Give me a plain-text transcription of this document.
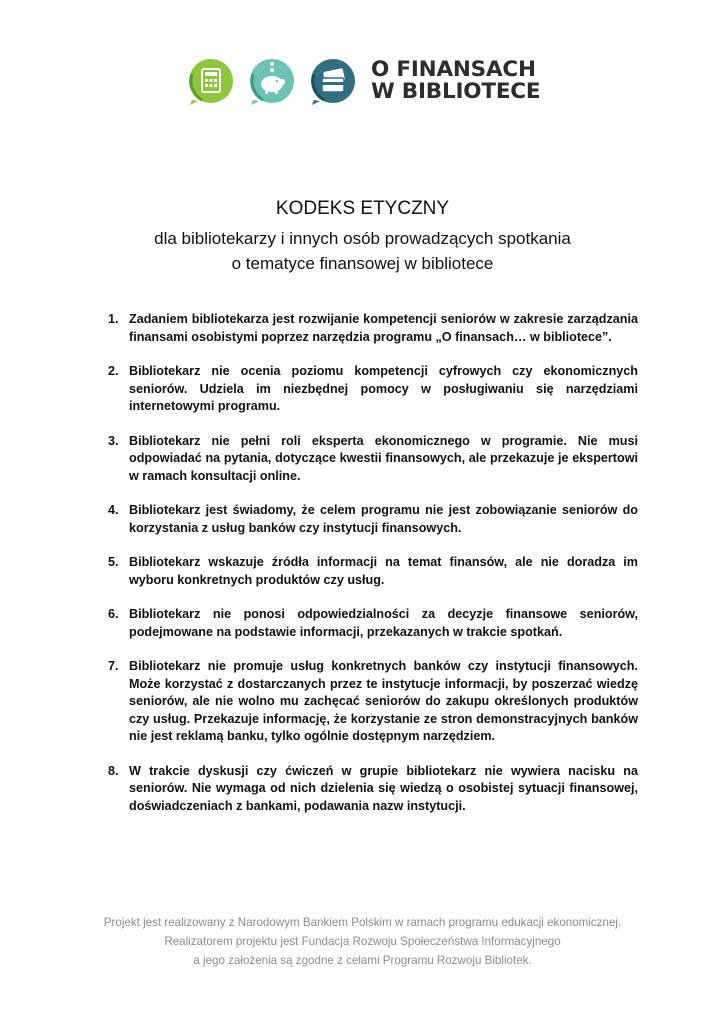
O FINANSACH
W BIBLIOTECE
KODEKS ETYCZNY

dla bibliotekarzy i innych osób prowadzących spotkania
o tematyce finansowej w bibliotece

1. Zadaniem bibliotekarza jest rozwijanie kompetencji seniorów w zakresie zarządzania finansami osobistymi poprzez narzędzia programu „O finansach… w bibliotece”.
2. Bibliotekarz nie ocenia poziomu kompetencji cyfrowych czy ekonomicznych seniorów. Udziela im niezbędnej pomocy w posługiwaniu się narzędziami internetowymi programu.
3. Bibliotekarz nie pełni roli eksperta ekonomicznego w programie. Nie musi odpowiadać na pytania, dotyczące kwestii finansowych, ale przekazuje je ekspertowi w ramach konsultacji online.
4. Bibliotekarz jest świadomy, że celem programu nie jest zobowiązanie seniorów do korzystania z usług banków czy instytucji finansowych.
5. Bibliotekarz wskazuje źródła informacji na temat finansów, ale nie doradza im wyboru konkretnych produktów czy usług.
6. Bibliotekarz nie ponosi odpowiedzialności za decyzje finansowe seniorów, podejmowane na podstawie informacji, przekazanych w trakcie spotkań.
7. Bibliotekarz nie promuje usług konkretnych banków czy instytucji finansowych. Może korzystać z dostarczanych przez te instytucje informacji, by poszerzać wiedzę seniorów, ale nie wolno mu zachęcać seniorów do zakupu określonych produktów czy usług. Przekazuje informację, że korzystanie ze stron demonstracyjnych banków nie jest reklamą banku, tylko ogólnie dostępnym narzędziem.
8. W trakcie dyskusji czy ćwiczeń w grupie bibliotekarz nie wywiera nacisku na seniorów. Nie wymaga od nich dzielenia się wiedzą o osobistej sytuacji finansowej, doświadczeniach z bankami, podawania nazw instytucji.
Projekt jest realizowany z Narodowym Bankiem Polskim w ramach programu edukacji ekonomicznej.
Realizatorem projektu jest Fundacja Rozwoju Społeczeństwa Informacyjnego
a jego założenia są zgodne z celami Programu Rozwoju Bibliotek.
